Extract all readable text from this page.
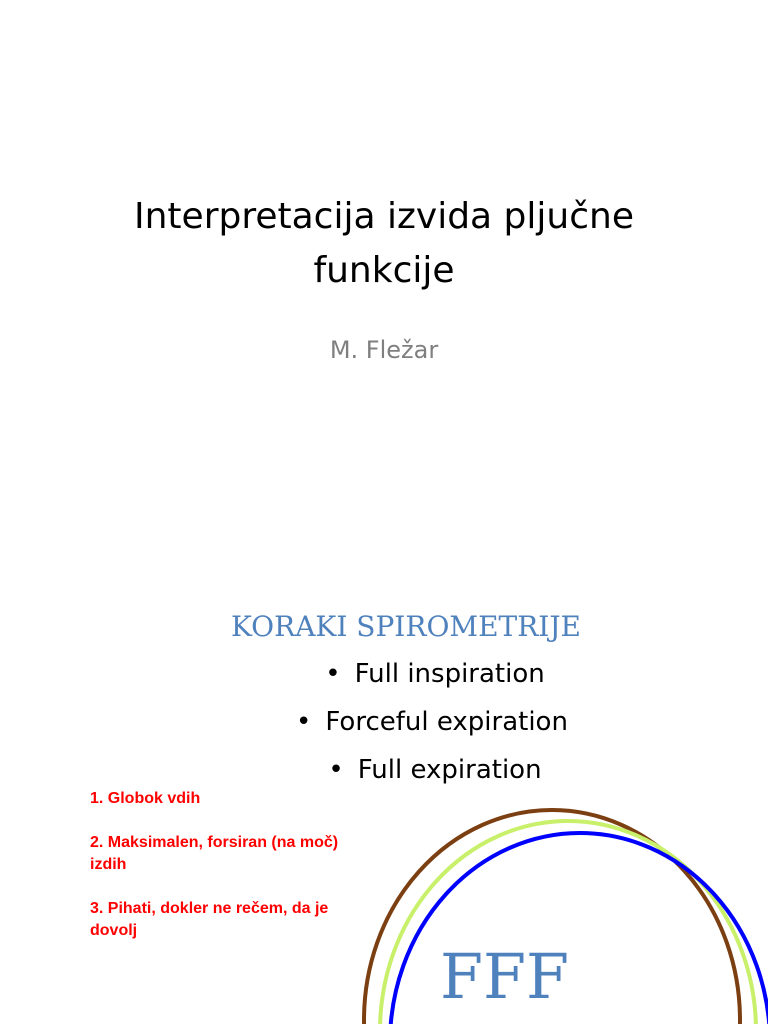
Interpretacija izvida pljučne
funkcije
M. Fležar
KORAKI SPIROMETRIJE
• Full inspiration
• Forceful expiration
• Full expiration
1. Globok vdih
2. Maksimalen, forsiran (na moč) izdih
3. Pihati, dokler ne rečem, da je dovolj
FFF
